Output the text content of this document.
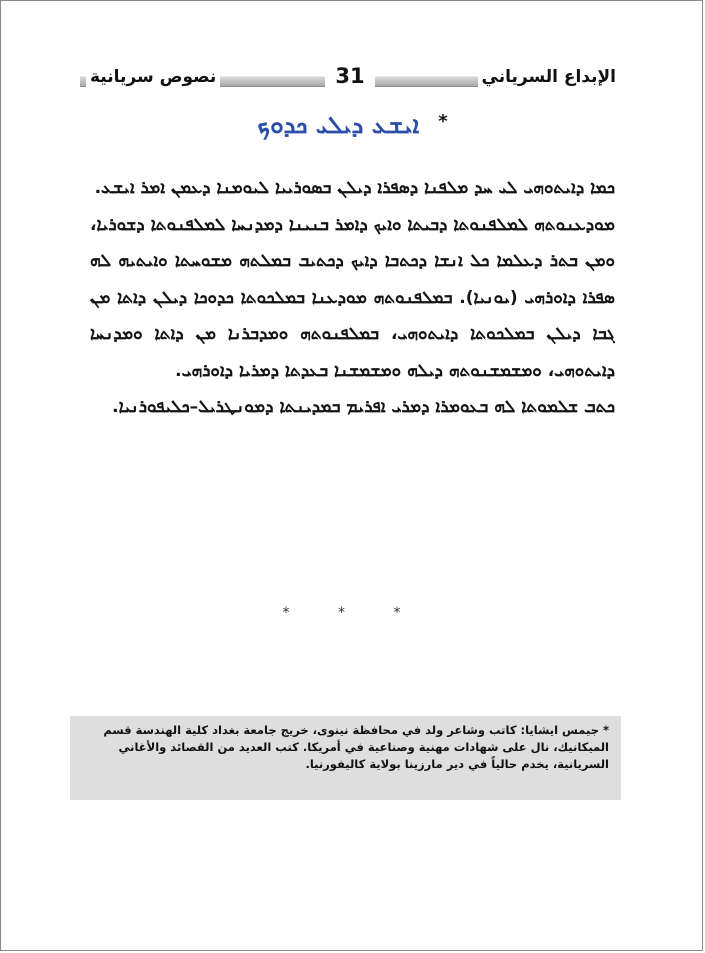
نصوص سريانية	31	الإبداع السرياني
ܐܝܫܥ ܕܝܠܝ ܟܕܘܟ *

ܟܡܐ ܕܐܝܬܘܗܝ ܠܝ ܚܕ ܡܠܦܢܐ ܕܣܦܪܐ ܕܝܠܢ ܒܣܘܪܝܝܐ ܠܝܘܡܢܐ ܕܥܡܢ ܐܡܪ ܐܝܫܥ.

ܡܘܕܥܢܘܬܗ ܠܡܠܦܢܘܬܐ ܕܒܝܬܐ ܘܐܝܟ ܕܐܡܪ ܒܢܝܢܐ ܕܡܕܢܚܐ ܠܡܠܦܢܘܬܐ ܕܫܘܪܝܐ، ܘܡܢ ܒܬܪ ܕܥܠܡܐ ܟܠ ܐܢܫܐ ܕܟܬܒܐ ܕܐܝܟ ܕܟܬܝܒ ܒܡܠܬܗ ܡܫܘܚܬܐ ܘܐܝܬܝܗ ܠܗ ܣܦܪܐ ܕܐܘܪܗܝ (ܝܘܢܝܐ). ܒܡܠܦܢܘܬܗ ܡܘܕܥܢܐ ܒܡܠܟܘܬܐ ܟܕܘܟܐ ܕܝܠܢ ܕܐܬܐ ܡܢ ܓܒܐ ܕܝܠܢ ܒܡܠܟܘܬܐ ܕܐܝܬܘܗܝ، ܒܡܠܦܢܘܬܗ ܘܡܕܒܪܢܐ ܡܢ ܕܐܬܐ ܘܡܕܢܚܐ ܕܐܝܬܘܗܝ، ܘܡܫܡܫܢܘܬܗ ܕܝܠܗ ܘܡܫܡܫܢܐ ܒܥܕܬܐ ܕܡܪܝܐ ܕܐܘܪܗܝ.

ܟܬܒ ܫܠܡܘܬܐ ܠܗ ܒܥܘܡܪܐ ܕܡܪܝ ܐܦܪܝܡ ܒܡܕܝܢܬܐ ܕܡܘܢܛܪܝܠ–ܟܠܝܦܘܪܢܝܐ.

* * *
* جيمس ايشايا: كاتب وشاعر ولد في محافظة نينوى، خريج جامعة بغداد كلية الهندسة قسم الميكانيك، نال على شهادات مهنية وصناعية في أمريكا. كتب العديد من القصائد والأغاني السريانية، يخدم حالياً في دير مارزينا بولاية كاليفورنيا.
